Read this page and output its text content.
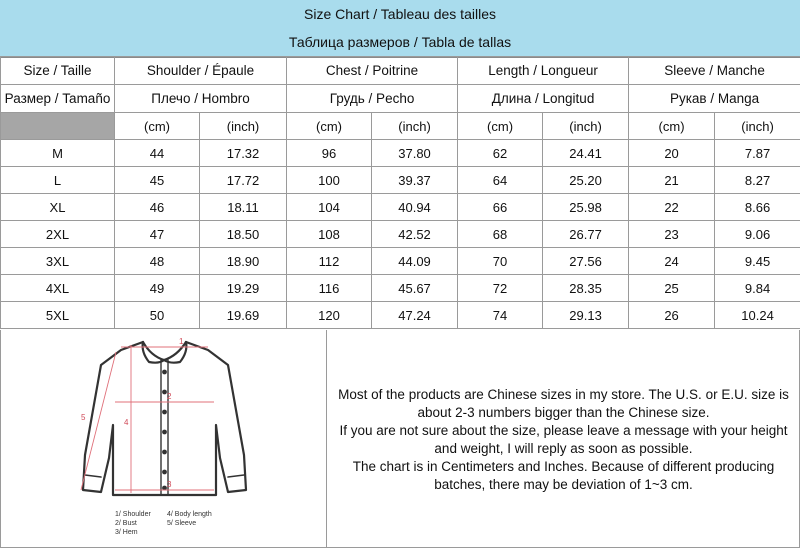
Size Chart / Tableau des tailles
Таблица размеров / Tabla de tallas
Size / Taille	Shoulder / Épaule		Chest / Poitrine		Length / Longueur		Sleeve / Manche	
Размер / Tamaño	Плечо / Hombro		Грудь / Pecho		Длина / Longitud		Рукав / Manga	
	(cm)	(inch)	(cm)	(inch)	(cm)	(inch)	(cm)	(inch)
M	44	17.32	96	37.80	62	24.41	20	7.87
L	45	17.72	100	39.37	64	25.20	21	8.27
XL	46	18.11	104	40.94	66	25.98	22	8.66
2XL	47	18.50	108	42.52	68	26.77	23	9.06
3XL	48	18.90	112	44.09	70	27.56	24	9.45
4XL	49	19.29	116	45.67	72	28.35	25	9.84
5XL	50	19.69	120	47.24	74	29.13	26	10.24
1
2
3
4
5
1/ Shoulder
2/ Bust
3/ Hem
4/ Body length
5/ Sleeve

Most of the products are Chinese sizes in my store. The U.S. or E.U. size is

about 2-3 numbers bigger than the Chinese size.

If you are not sure about the size, please leave a message with your height

and weight, I will reply as soon as possible.

The chart is in Centimeters and Inches. Because of different producing

batches, there may be deviation of 1~3 cm.
